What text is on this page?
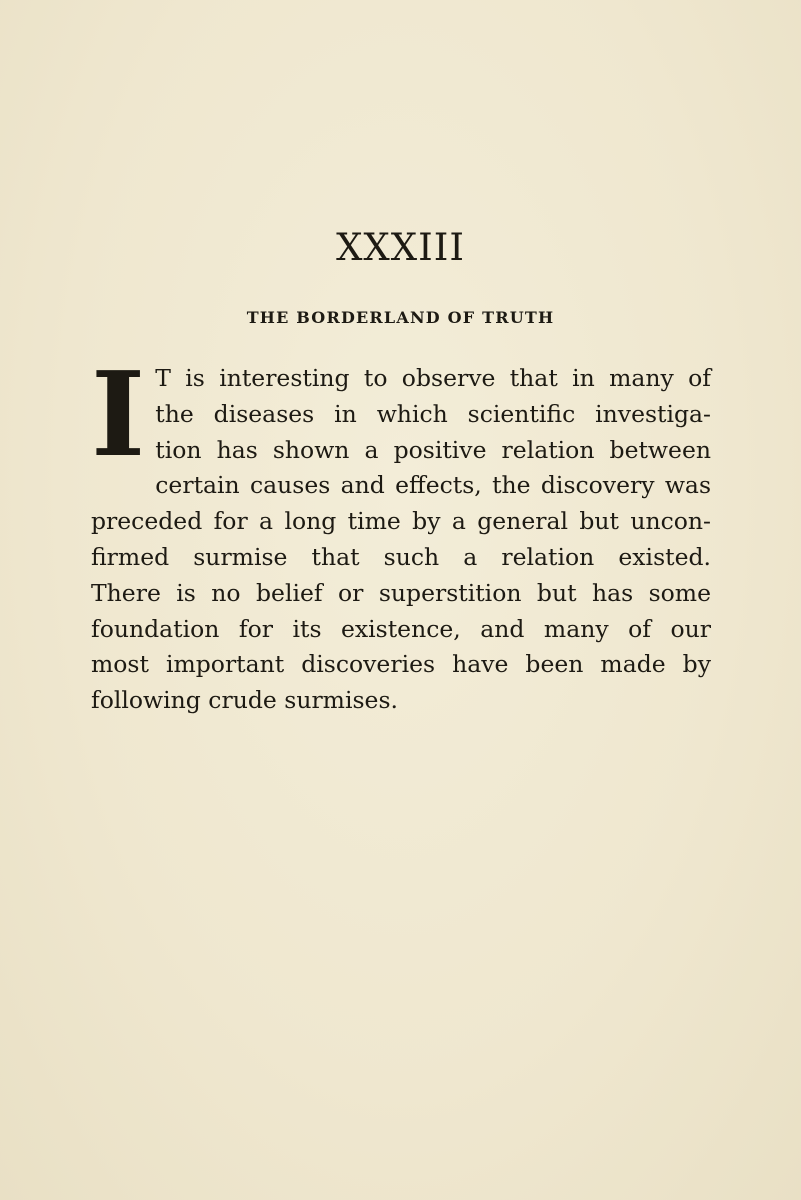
XXXIII
THE BORDERLAND OF TRUTH
I T is interesting to observe that in many of
the diseases in which scientific investiga-
tion has shown a positive relation between
certain causes and effects, the discovery was
preceded for a long time by a general but uncon-
firmed surmise that such a relation existed.
There is no belief or superstition but has some
foundation for its existence, and many of our
most important discoveries have been made by
following crude surmises.
